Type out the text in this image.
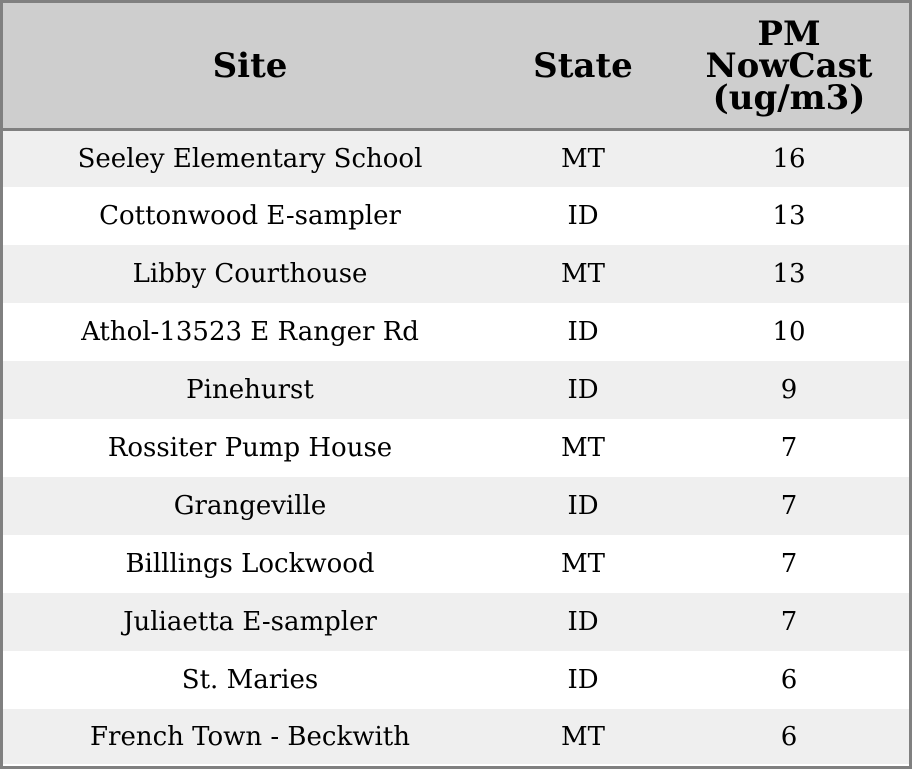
Site	State	PM NowCast (ug/m3)
Seeley Elementary School	MT	16
Cottonwood E-sampler	ID	13
Libby Courthouse	MT	13
Athol-13523 E Ranger Rd	ID	10
Pinehurst	ID	9
Rossiter Pump House	MT	7
Grangeville	ID	7
Billlings Lockwood	MT	7
Juliaetta E-sampler	ID	7
St. Maries	ID	6
French Town - Beckwith	MT	6
